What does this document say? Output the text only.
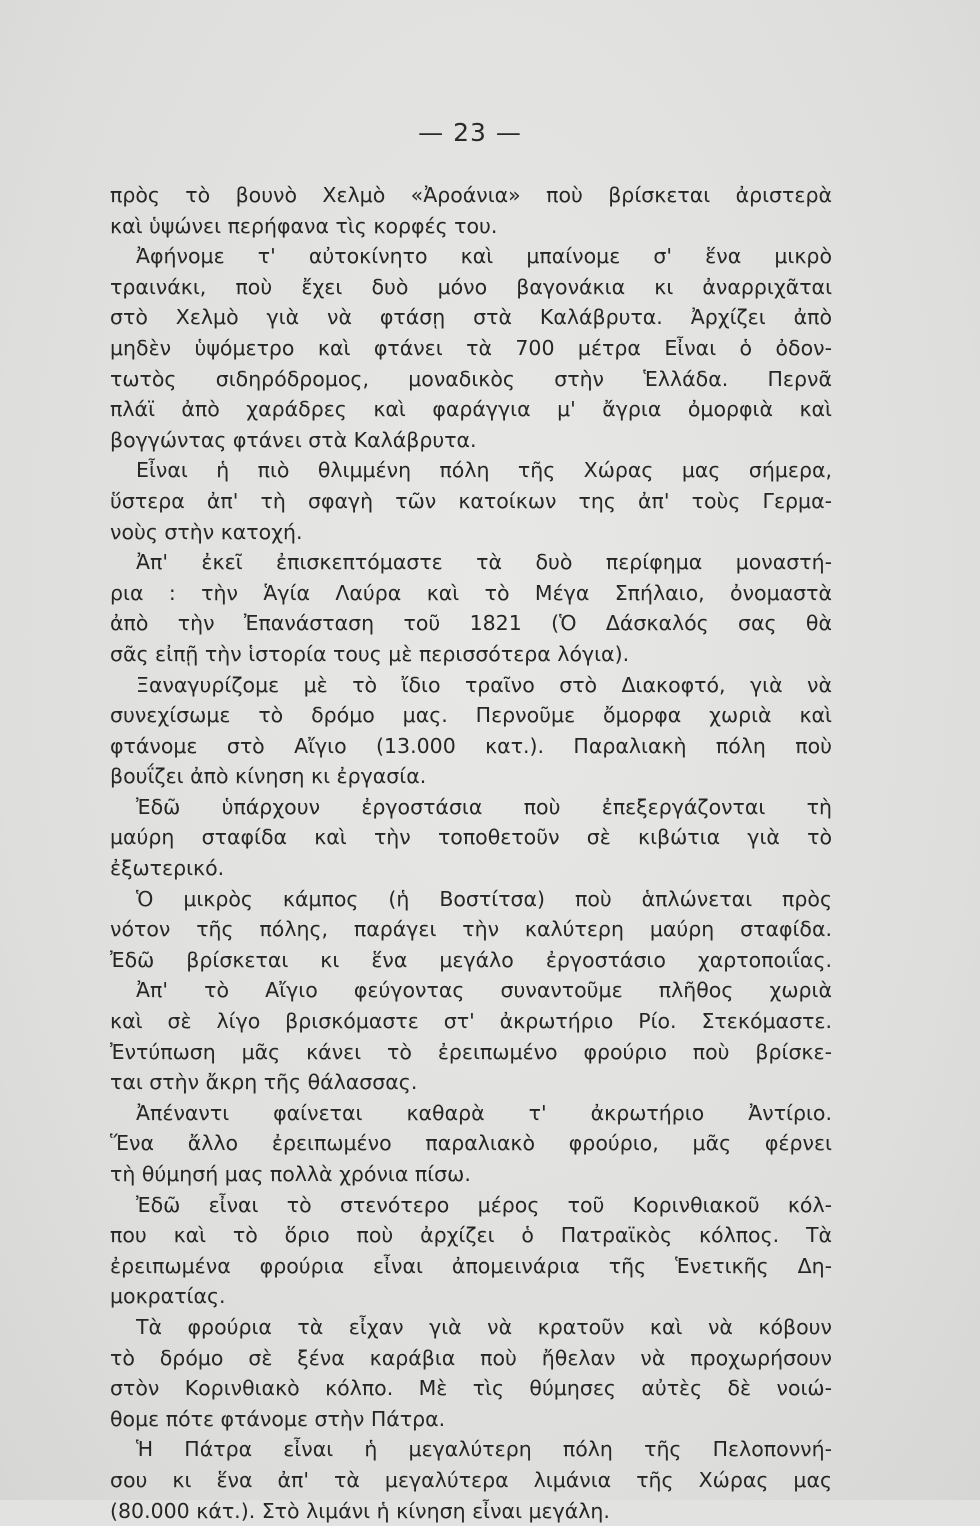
— 23 —
πρὸς τὸ βουνὸ Χελμὸ «Ἀροάνια» ποὺ βρίσκεται ἀριστερὰ
καὶ ὑψώνει περήφανα τὶς κορφές του.
Ἀφήνομε τ' αὐτοκίνητο καὶ μπαίνομε σ' ἕνα μικρὸ
τραινάκι, ποὺ ἔχει δυὸ μόνο βαγονάκια κι ἀναρριχᾶται
στὸ Χελμὸ γιὰ νὰ φτάσῃ στὰ Καλάβρυτα. Ἀρχίζει ἀπὸ
μηδὲν ὑψόμετρο καὶ φτάνει τὰ 700 μέτρα Εἶναι ὁ ὀδον-
τωτὸς σιδηρόδρομος, μοναδικὸς στὴν Ἑλλάδα. Περνᾶ
πλάϊ ἀπὸ χαράδρες καὶ φαράγγια μ' ἄγρια ὀμορφιὰ καὶ
βογγώντας φτάνει στὰ Καλάβρυτα.
Εἶναι ἡ πιὸ θλιμμένη πόλη τῆς Χώρας μας σήμερα,
ὕστερα ἀπ' τὴ σφαγὴ τῶν κατοίκων της ἀπ' τοὺς Γερμα-
νοὺς στὴν κατοχή.
Ἀπ' ἐκεῖ ἐπισκεπτόμαστε τὰ δυὸ περίφημα μοναστή-
ρια : τὴν Ἁγία Λαύρα καὶ τὸ Μέγα Σπήλαιο, ὀνομαστὰ
ἀπὸ τὴν Ἐπανάσταση τοῦ 1821 (Ὁ Δάσκαλός σας θὰ
σᾶς εἰπῇ τὴν ἱστορία τους μὲ περισσότερα λόγια).
Ξαναγυρίζομε μὲ τὸ ἴδιο τραῖνο στὸ Διακοφτό, γιὰ νὰ
συνεχίσωμε τὸ δρόμο μας. Περνοῦμε ὄμορφα χωριὰ καὶ
φτάνομε στὸ Αἴγιο (13.000 κατ.). Παραλιακὴ πόλη ποὺ
βουΐζει ἀπὸ κίνηση κι ἐργασία.
Ἐδῶ ὑπάρχουν ἐργοστάσια ποὺ ἐπεξεργάζονται τὴ
μαύρη σταφίδα καὶ τὴν τοποθετοῦν σὲ κιβώτια γιὰ τὸ
ἐξωτερικό.
Ὁ μικρὸς κάμπος (ἡ Βοστίτσα) ποὺ ἁπλώνεται πρὸς
νότον τῆς πόλης, παράγει τὴν καλύτερη μαύρη σταφίδα.
Ἐδῶ βρίσκεται κι ἕνα μεγάλο ἐργοστάσιο χαρτοποιΐας.
Ἀπ' τὸ Αἴγιο φεύγοντας συναντοῦμε πλῆθος χωριὰ
καὶ σὲ λίγο βρισκόμαστε στ' ἀκρωτήριο Ρίο. Στεκόμαστε.
Ἐντύπωση μᾶς κάνει τὸ ἐρειπωμένο φρούριο ποὺ βρίσκε-
ται στὴν ἄκρη τῆς θάλασσας.
Ἀπέναντι φαίνεται καθαρὰ τ' ἀκρωτήριο Ἀντίριο.
Ἕνα ἄλλο ἐρειπωμένο παραλιακὸ φρούριο, μᾶς φέρνει
τὴ θύμησή μας πολλὰ χρόνια πίσω.
Ἐδῶ εἶναι τὸ στενότερο μέρος τοῦ Κορινθιακοῦ κόλ-
που καὶ τὸ ὅριο ποὺ ἀρχίζει ὁ Πατραϊκὸς κόλπος. Τὰ
ἐρειπωμένα φρούρια εἶναι ἀπομεινάρια τῆς Ἑνετικῆς Δη-
μοκρατίας.
Τὰ φρούρια τὰ εἶχαν γιὰ νὰ κρατοῦν καὶ νὰ κόβουν
τὸ δρόμο σὲ ξένα καράβια ποὺ ἤθελαν νὰ προχωρήσουν
στὸν Κορινθιακὸ κόλπο. Μὲ τὶς θύμησες αὐτὲς δὲ νοιώ-
θομε πότε φτάνομε στὴν Πάτρα.
Ἡ Πάτρα εἶναι ἡ μεγαλύτερη πόλη τῆς Πελοποννή-
σου κι ἕνα ἀπ' τὰ μεγαλύτερα λιμάνια τῆς Χώρας μας
(80.000 κάτ.). Στὸ λιμάνι ἡ κίνηση εἶναι μεγάλη.
